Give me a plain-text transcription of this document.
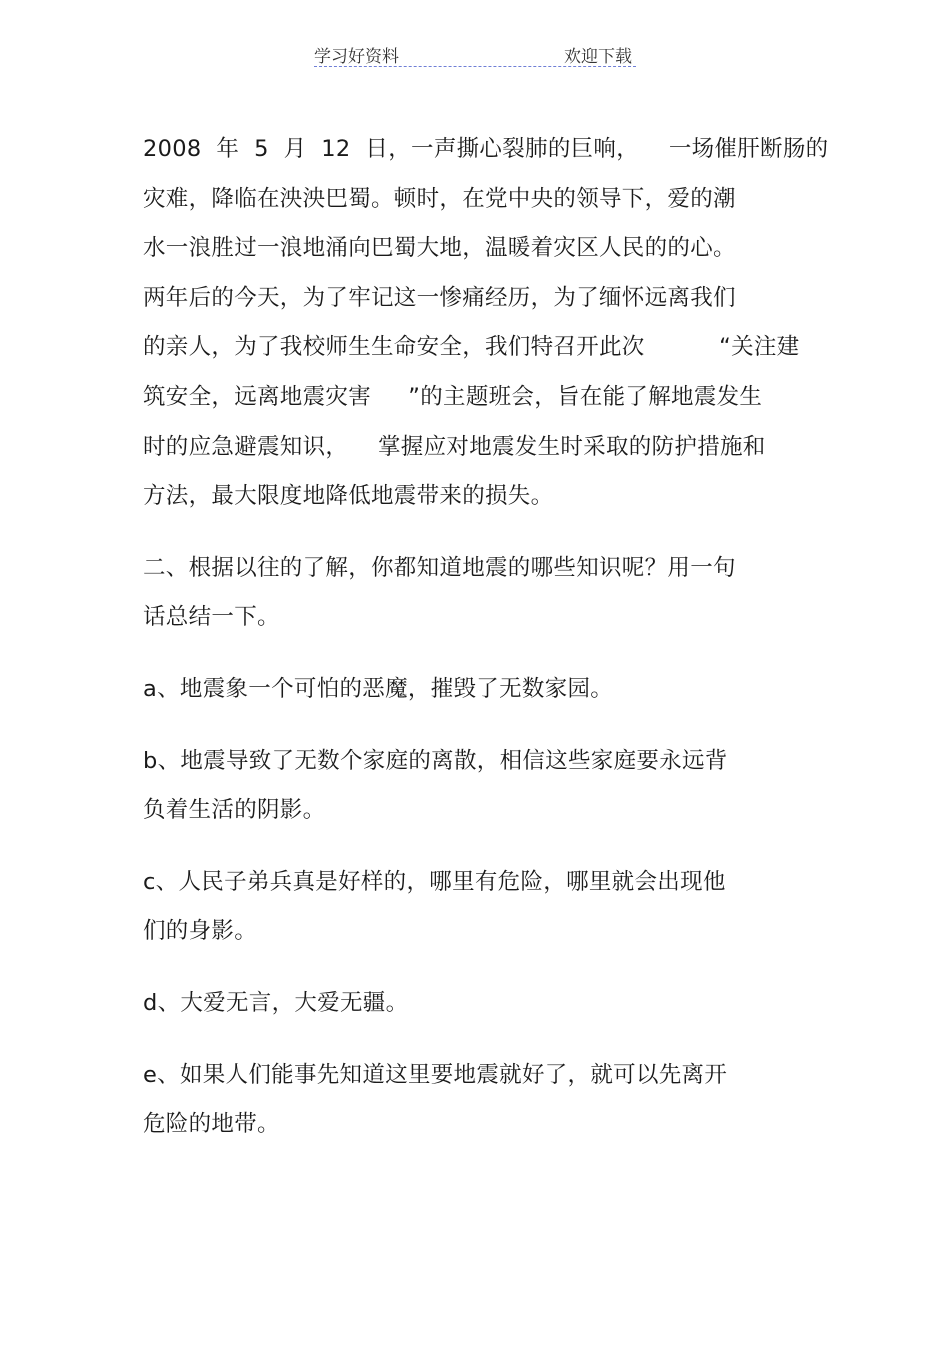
学习好资料	欢迎下载
2008  年  5  月  12  日，一声撕心裂肺的巨响，    一场催肝断肠的
灾难，降临在泱泱巴蜀。顿时，在党中央的领导下，爱的潮
水一浪胜过一浪地涌向巴蜀大地，温暖着灾区人民的的心。
两年后的今天，为了牢记这一惨痛经历，为了缅怀远离我们
的亲人，为了我校师生生命安全，我们特召开此次          “关注建
筑安全，远离地震灾害     ”的主题班会，旨在能了解地震发生
时的应急避震知识，    掌握应对地震发生时采取的防护措施和
方法，最大限度地降低地震带来的损失。
二、根据以往的了解，你都知道地震的哪些知识呢？用一句
话总结一下。
a、地震象一个可怕的恶魔，摧毁了无数家园。
b、地震导致了无数个家庭的离散，相信这些家庭要永远背
负着生活的阴影。
c、人民子弟兵真是好样的，哪里有危险，哪里就会出现他
们的身影。
d、大爱无言，大爱无疆。
e、如果人们能事先知道这里要地震就好了，就可以先离开
危险的地带。
